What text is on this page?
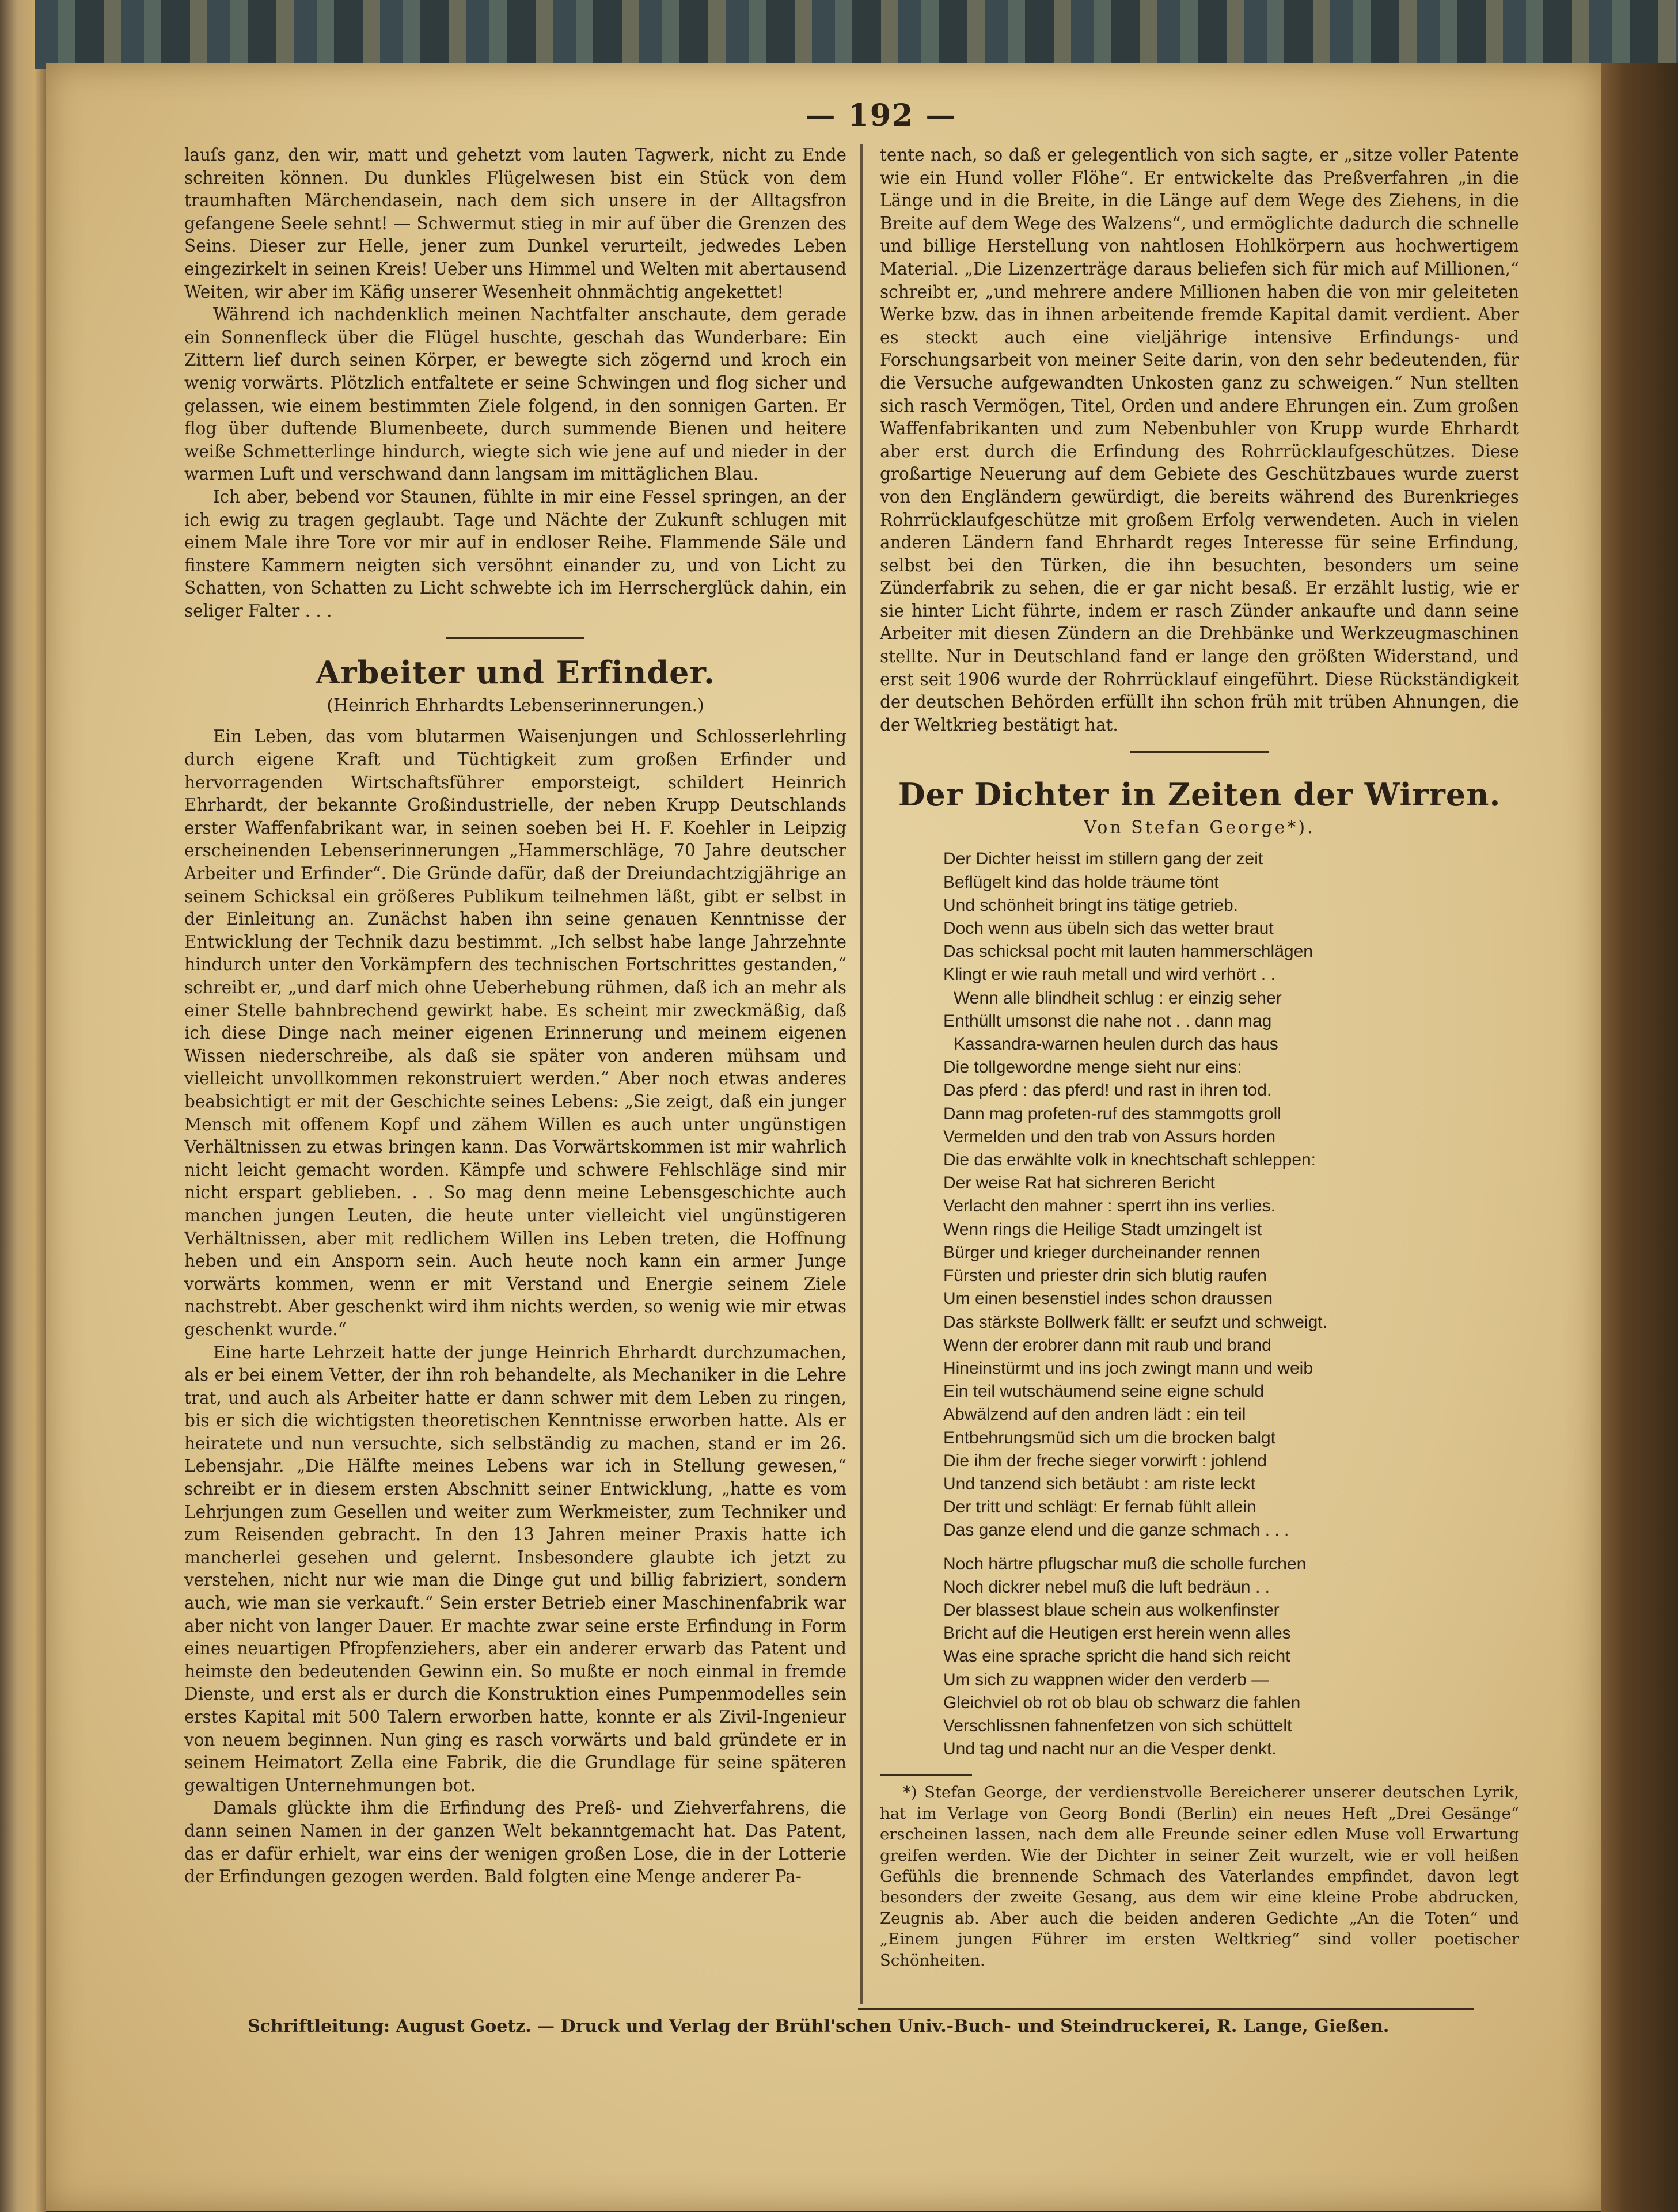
— 192 —

lauſs ganz, den wir, matt und gehetzt vom lauten Tagwerk, nicht zu Ende schreiten können. Du dunkles Flügelwesen bist ein Stück von dem traumhaften Märchendasein, nach dem sich unsere in der Alltagsfron gefangene Seele sehnt! — Schwermut stieg in mir auf über die Grenzen des Seins. Dieser zur Helle, jener zum Dunkel verurteilt, jedwedes Leben eingezirkelt in seinen Kreis! Ueber uns Himmel und Welten mit abertausend Weiten, wir aber im Käfig unserer Wesenheit ohnmächtig angekettet!

Während ich nachdenklich meinen Nachtfalter anschaute, dem gerade ein Sonnenfleck über die Flügel huschte, geschah das Wunderbare: Ein Zittern lief durch seinen Körper, er bewegte sich zögernd und kroch ein wenig vorwärts. Plötzlich entfaltete er seine Schwingen und flog sicher und gelassen, wie einem bestimmten Ziele folgend, in den sonnigen Garten. Er flog über duftende Blumenbeete, durch summende Bienen und heitere weiße Schmetterlinge hindurch, wiegte sich wie jene auf und nieder in der warmen Luft und verschwand dann langsam im mittäglichen Blau.

Ich aber, bebend vor Staunen, fühlte in mir eine Fessel springen, an der ich ewig zu tragen geglaubt. Tage und Nächte der Zukunft schlugen mit einem Male ihre Tore vor mir auf in endloser Reihe. Flammende Säle und finstere Kammern neigten sich versöhnt einander zu, und von Licht zu Schatten, von Schatten zu Licht schwebte ich im Herrscherglück dahin, ein seliger Falter . . .

Arbeiter und Erfinder.
(Heinrich Ehrhardts Lebenserinnerungen.)

Ein Leben, das vom blutarmen Waisenjungen und Schlosserlehrling durch eigene Kraft und Tüchtigkeit zum großen Erfinder und hervorragenden Wirtschaftsführer emporsteigt, schildert Heinrich Ehrhardt, der bekannte Großindustrielle, der neben Krupp Deutschlands erster Waffenfabrikant war, in seinen soeben bei H. F. Koehler in Leipzig erscheinenden Lebenserinnerungen „Hammerschläge, 70 Jahre deutscher Arbeiter und Erfinder“. Die Gründe dafür, daß der Dreiundachtzigjährige an seinem Schicksal ein größeres Publikum teilnehmen läßt, gibt er selbst in der Einleitung an. Zunächst haben ihn seine genauen Kenntnisse der Entwicklung der Technik dazu bestimmt. „Ich selbst habe lange Jahrzehnte hindurch unter den Vorkämpfern des technischen Fortschrittes gestanden,“ schreibt er, „und darf mich ohne Ueberhebung rühmen, daß ich an mehr als einer Stelle bahnbrechend gewirkt habe. Es scheint mir zweckmäßig, daß ich diese Dinge nach meiner eigenen Erinnerung und meinem eigenen Wissen niederschreibe, als daß sie später von anderen mühsam und vielleicht unvollkommen rekonstruiert werden.“ Aber noch etwas anderes beabsichtigt er mit der Geschichte seines Lebens: „Sie zeigt, daß ein junger Mensch mit offenem Kopf und zähem Willen es auch unter ungünstigen Verhältnissen zu etwas bringen kann. Das Vorwärtskommen ist mir wahrlich nicht leicht gemacht worden. Kämpfe und schwere Fehlschläge sind mir nicht erspart geblieben. . . So mag denn meine Lebensgeschichte auch manchen jungen Leuten, die heute unter vielleicht viel ungünstigeren Verhältnissen, aber mit redlichem Willen ins Leben treten, die Hoffnung heben und ein Ansporn sein. Auch heute noch kann ein armer Junge vorwärts kommen, wenn er mit Verstand und Energie seinem Ziele nachstrebt. Aber geschenkt wird ihm nichts werden, so wenig wie mir etwas geschenkt wurde.“

Eine harte Lehrzeit hatte der junge Heinrich Ehrhardt durchzumachen, als er bei einem Vetter, der ihn roh behandelte, als Mechaniker in die Lehre trat, und auch als Arbeiter hatte er dann schwer mit dem Leben zu ringen, bis er sich die wichtigsten theoretischen Kenntnisse erworben hatte. Als er heiratete und nun versuchte, sich selbständig zu machen, stand er im 26. Lebensjahr. „Die Hälfte meines Lebens war ich in Stellung gewesen,“ schreibt er in diesem ersten Abschnitt seiner Entwicklung, „hatte es vom Lehrjungen zum Gesellen und weiter zum Werkmeister, zum Techniker und zum Reisenden gebracht. In den 13 Jahren meiner Praxis hatte ich mancherlei gesehen und gelernt. Insbesondere glaubte ich jetzt zu verstehen, nicht nur wie man die Dinge gut und billig fabriziert, sondern auch, wie man sie verkauft.“ Sein erster Betrieb einer Maschinenfabrik war aber nicht von langer Dauer. Er machte zwar seine erste Erfindung in Form eines neuartigen Pfropfenziehers, aber ein anderer erwarb das Patent und heimste den bedeutenden Gewinn ein. So mußte er noch einmal in fremde Dienste, und erst als er durch die Konstruktion eines Pumpenmodelles sein erstes Kapital mit 500 Talern erworben hatte, konnte er als Zivil-Ingenieur von neuem beginnen. Nun ging es rasch vorwärts und bald gründete er in seinem Heimatort Zella eine Fabrik, die die Grundlage für seine späteren gewaltigen Unternehmungen bot.

Damals glückte ihm die Erfindung des Preß- und Ziehverfahrens, die dann seinen Namen in der ganzen Welt bekanntgemacht hat. Das Patent, das er dafür erhielt, war eins der wenigen großen Lose, die in der Lotterie der Erfindungen gezogen werden. Bald folgten eine Menge anderer Pa-

tente nach, so daß er gelegentlich von sich sagte, er „sitze voller Patente wie ein Hund voller Flöhe“. Er entwickelte das Preßverfahren „in die Länge und in die Breite, in die Länge auf dem Wege des Ziehens, in die Breite auf dem Wege des Walzens“, und ermöglichte dadurch die schnelle und billige Herstellung von nahtlosen Hohlkörpern aus hochwertigem Material. „Die Lizenzerträge daraus beliefen sich für mich auf Millionen,“ schreibt er, „und mehrere andere Millionen haben die von mir geleiteten Werke bzw. das in ihnen arbeitende fremde Kapital damit verdient. Aber es steckt auch eine vieljährige intensive Erfindungs- und Forschungsarbeit von meiner Seite darin, von den sehr bedeutenden, für die Versuche aufgewandten Unkosten ganz zu schweigen.“ Nun stellten sich rasch Vermögen, Titel, Orden und andere Ehrungen ein. Zum großen Waffenfabrikanten und zum Nebenbuhler von Krupp wurde Ehrhardt aber erst durch die Erfindung des Rohrrücklaufgeschützes. Diese großartige Neuerung auf dem Gebiete des Geschützbaues wurde zuerst von den Engländern gewürdigt, die bereits während des Burenkrieges Rohrrücklaufgeschütze mit großem Erfolg verwendeten. Auch in vielen anderen Ländern fand Ehrhardt reges Interesse für seine Erfindung, selbst bei den Türken, die ihn besuchten, besonders um seine Zünderfabrik zu sehen, die er gar nicht besaß. Er erzählt lustig, wie er sie hinter Licht führte, indem er rasch Zünder ankaufte und dann seine Arbeiter mit diesen Zündern an die Drehbänke und Werkzeugmaschinen stellte. Nur in Deutschland fand er lange den größten Widerstand, und erst seit 1906 wurde der Rohrrücklauf eingeführt. Diese Rückständigkeit der deutschen Behörden erfüllt ihn schon früh mit trüben Ahnungen, die der Weltkrieg bestätigt hat.

Der Dichter in Zeiten der Wirren.
Von Stefan George*).
Der Dichter heisst im stillern gang der zeit
Beflügelt kind das holde träume tönt
Und schönheit bringt ins tätige getrieb.
Doch wenn aus übeln sich das wetter braut
Das schicksal pocht mit lauten hammerschlägen
Klingt er wie rauh metall und wird verhört . .
Wenn alle blindheit schlug : er einzig seher
Enthüllt umsonst die nahe not . . dann mag
Kassandra-warnen heulen durch das haus
Die tollgewordne menge sieht nur eins:
Das pferd : das pferd! und rast in ihren tod.
Dann mag profeten-ruf des stammgotts groll
Vermelden und den trab von Assurs horden
Die das erwählte volk in knechtschaft schleppen:
Der weise Rat hat sichreren Bericht
Verlacht den mahner : sperrt ihn ins verlies.
Wenn rings die Heilige Stadt umzingelt ist
Bürger und krieger durcheinander rennen
Fürsten und priester drin sich blutig raufen
Um einen besenstiel indes schon draussen
Das stärkste Bollwerk fällt: er seufzt und schweigt.
Wenn der erobrer dann mit raub und brand
Hineinstürmt und ins joch zwingt mann und weib
Ein teil wutschäumend seine eigne schuld
Abwälzend auf den andren lädt : ein teil
Entbehrungsmüd sich um die brocken balgt
Die ihm der freche sieger vorwirft : johlend
Und tanzend sich betäubt : am riste leckt
Der tritt und schlägt: Er fernab fühlt allein
Das ganze elend und die ganze schmach . . .
Noch härtre pflugschar muß die scholle furchen
Noch dickrer nebel muß die luft bedräun . .
Der blassest blaue schein aus wolkenfinster
Bricht auf die Heutigen erst herein wenn alles
Was eine sprache spricht die hand sich reicht
Um sich zu wappnen wider den verderb —
Gleichviel ob rot ob blau ob schwarz die fahlen
Verschlissnen fahnenfetzen von sich schüttelt
Und tag und nacht nur an die Vesper denkt.
*) Stefan George, der verdienstvolle Bereicherer unserer deutschen Lyrik, hat im Verlage von Georg Bondi (Berlin) ein neues Heft „Drei Gesänge“ erscheinen lassen, nach dem alle Freunde seiner edlen Muse voll Erwartung greifen werden. Wie der Dichter in seiner Zeit wurzelt, wie er voll heißen Gefühls die brennende Schmach des Vaterlandes empfindet, davon legt besonders der zweite Gesang, aus dem wir eine kleine Probe abdrucken, Zeugnis ab. Aber auch die beiden anderen Gedichte „An die Toten“ und „Einem jungen Führer im ersten Weltkrieg“ sind voller poetischer Schönheiten.
Schriftleitung: August Goetz. — Druck und Verlag der Brühl'schen Univ.-Buch- und Steindruckerei, R. Lange, Gießen.
